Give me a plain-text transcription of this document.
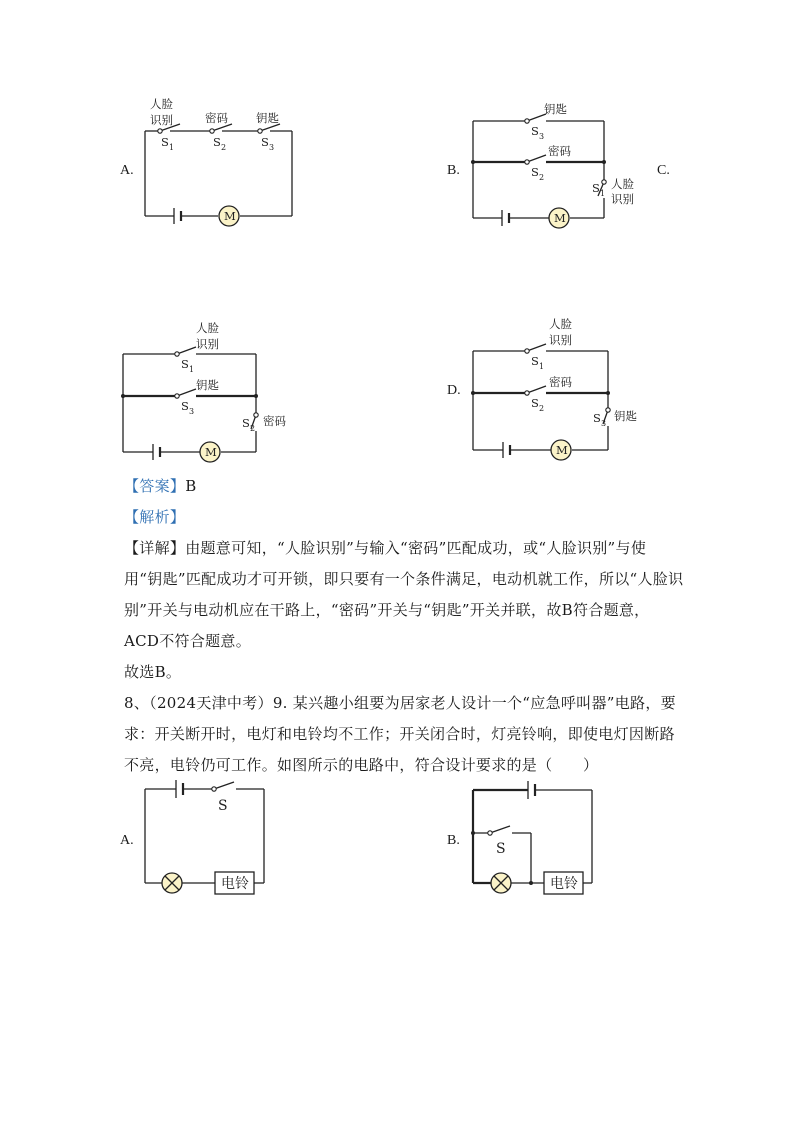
A.
M
人脸
识别
S 1
密码
S 2
钥匙
S 3
B.
M
钥匙
S 3
密码
S 2
S 1
人脸
识别
C.
M
人脸
识别
S 1
钥匙
S 3
S 2
密码
D.
M
人脸
识别
S 1
密码
S 2
S 3
钥匙
【答案】B
【解析】
【详解】由题意可知，“人脸识别”与输入“密码”匹配成功，或“人脸识别”与使用“钥匙”匹配成功才可开锁，即只要有一个条件满足，电动机就工作，所以“人脸识别”开关与电动机应在干路上，“密码”开关与“钥匙”开关并联，故B符合题意，ACD不符合题意。
故选B。
8、（2024天津中考）9. 某兴趣小组要为居家老人设计一个“应急呼叫器”电路，要求：开关断开时，电灯和电铃均不工作；开关闭合时，灯亮铃响，即使电灯因断路不亮，电铃仍可工作。如图所示的电路中，符合设计要求的是（　　）
A.
电铃
S
B.
电铃
S
